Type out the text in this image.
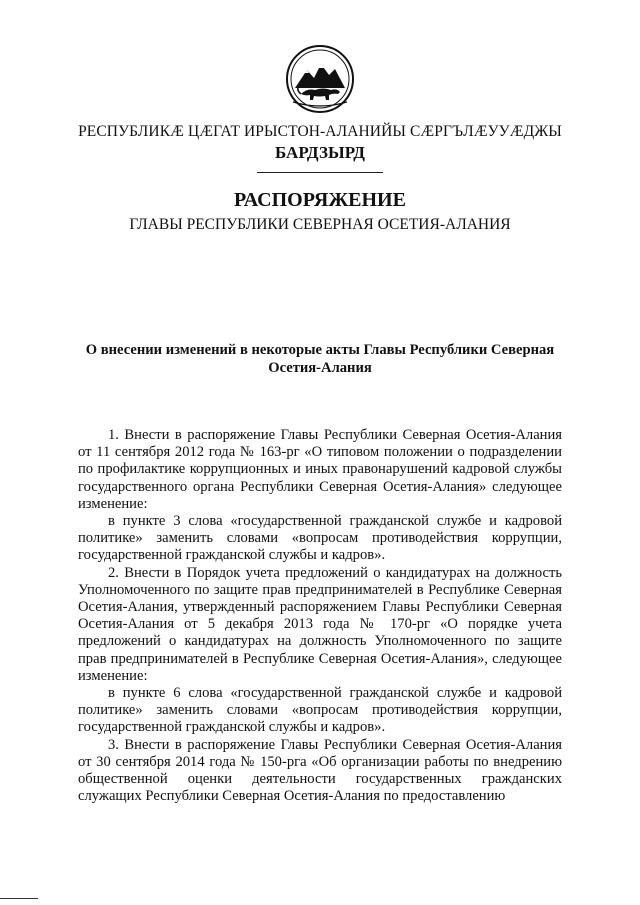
РЕСПУБЛИКӔ ЦӔГАТ ИРЫСТОН-АЛАНИЙЫ СӔРГЪЛӔУУӔДЖЫ
БАРДЗЫРД
РАСПОРЯЖЕНИЕ
ГЛАВЫ РЕСПУБЛИКИ СЕВЕРНАЯ ОСЕТИЯ-АЛАНИЯ
О внесении изменений в некоторые акты Главы Республики Северная
Осетия-Алания

1. Внести в распоряжение Главы Республики Северная Осетия-Алания от 11 сентября 2012 года № 163-рг «О типовом положении о подразделении по профилактике коррупционных и иных правонарушений кадровой службы государственного органа Республики Северная Осетия-Алания» следующее изменение:

в пункте 3 слова «государственной гражданской службе и кадровой политике» заменить словами «вопросам противодействия коррупции, государственной гражданской службы и кадров».

2. Внести в Порядок учета предложений о кандидатурах на должность Уполномоченного по защите прав предпринимателей в Республике Северная Осетия-Алания, утвержденный распоряжением Главы Республики Северная Осетия-Алания от 5 декабря 2013 года № 170-рг «О порядке учета предложений о кандидатурах на должность Уполномоченного по защите прав предпринимателей в Республике Северная Осетия-Алания», следующее изменение:

в пункте 6 слова «государственной гражданской службе и кадровой политике» заменить словами «вопросам противодействия коррупции, государственной гражданской службы и кадров».

3. Внести в распоряжение Главы Республики Северная Осетия-Алания от 30 сентября 2014 года № 150-рга «Об организации работы по внедрению общественной оценки деятельности государственных гражданских служащих Республики Северная Осетия-Алания по предоставлению
